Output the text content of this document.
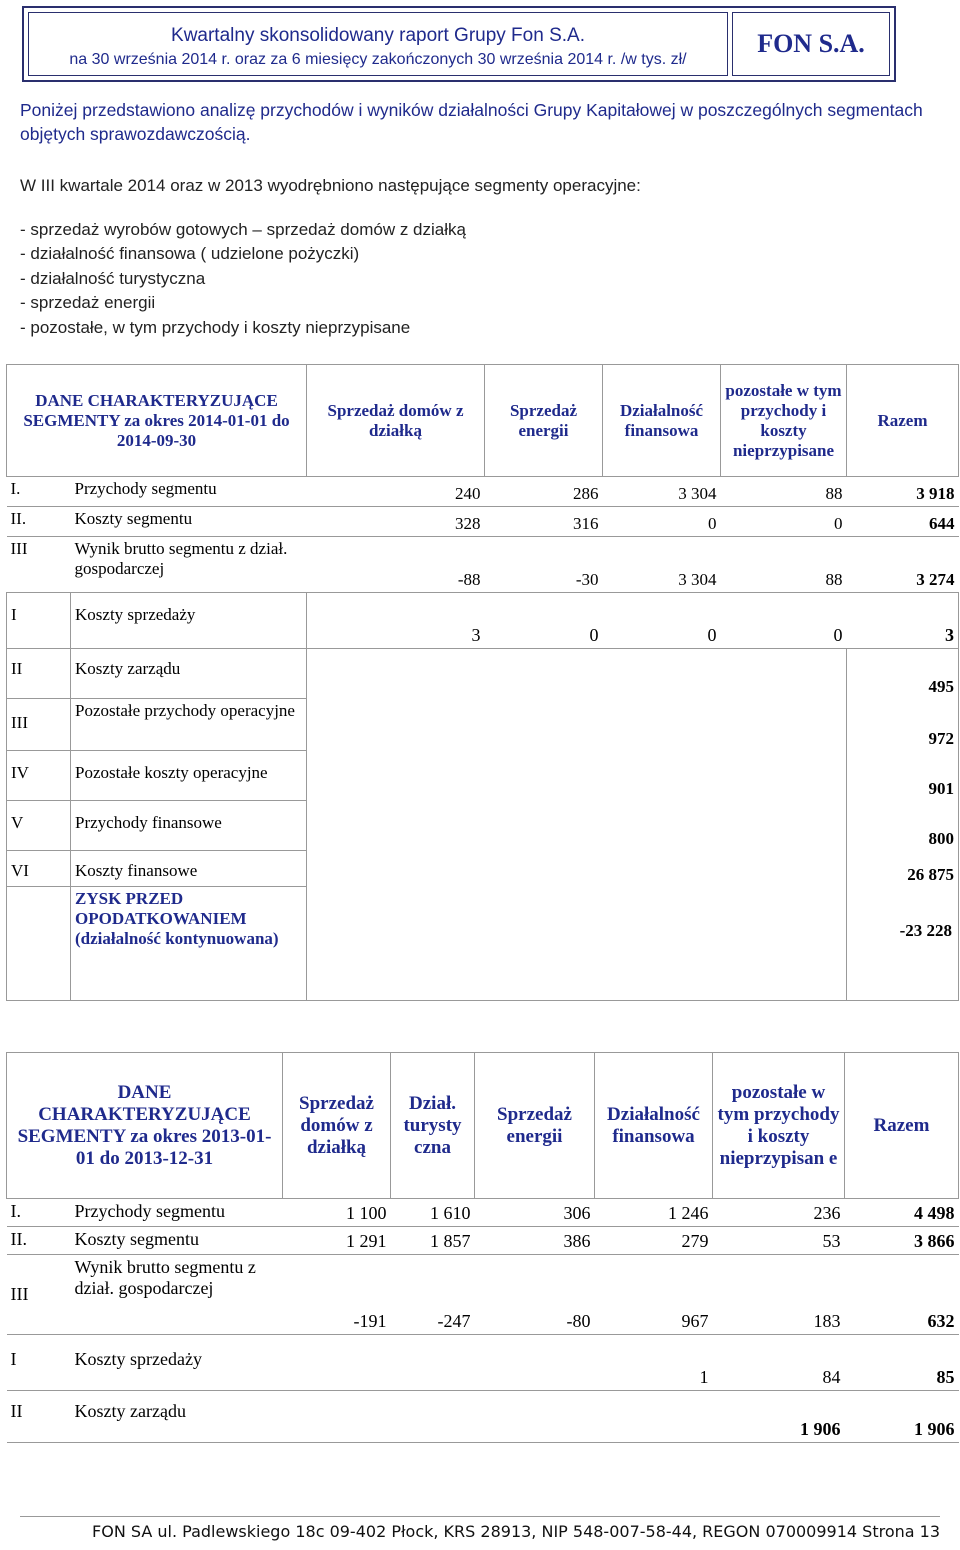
Kwartalny skonsolidowany raport Grupy Fon S.A.
na 30 września 2014 r. oraz za 6 miesięcy zakończonych 30 września 2014 r. /w tys. zł/
FON S.A.
Poniżej przedstawiono analizę przychodów i wyników działalności Grupy Kapitałowej w poszczególnych segmentach objętych sprawozdawczością.
W III kwartale 2014 oraz w 2013 wyodrębniono następujące segmenty operacyjne:
- sprzedaż wyrobów gotowych – sprzedaż domów z działką
- działalność finansowa ( udzielone pożyczki)
- działalność turystyczna
- sprzedaż energii
- pozostałe, w tym przychody i koszty nieprzypisane
DANE CHARAKTERYZUJĄCE SEGMENTY za okres 2014-01-01 do 2014-09-30		Sprzedaż domów z działką	Sprzedaż energii	Działalność finansowa	pozostałe w tym przychody i koszty nieprzypisane	Razem
I.	Przychody segmentu	240	286	3 304	88	3 918
II.	Koszty segmentu	328	316	0	0	644
III	Wynik brutto segmentu z dział. gospodarczej	-88	-30	3 304	88	3 274
I	Koszty sprzedaży	3	0	0	0	3
II	Koszty zarządu					495
III	Pozostałe przychody operacyjne					972
IV	Pozostałe koszty operacyjne					901
V	Przychody finansowe					800
VI	Koszty finansowe					26 875
	ZYSK PRZED OPODATKOWANIEM (działalność kontynuowana)					-23 228
DANE CHARAKTERYZUJĄCE SEGMENTY za okres 2013-01-01 do 2013-12-31		Sprzedaż domów z działką	Dział. turysty czna	Sprzedaż energii	Działalność finansowa	pozostałe w tym przychody i koszty nieprzypisan e	Razem
I.	Przychody segmentu	1 100	1 610	306	1 246	236	4 498
II.	Koszty segmentu	1 291	1 857	386	279	53	3 866
III	Wynik brutto segmentu z dział. gospodarczej	-191	-247	-80	967	183	632
I	Koszty sprzedaży				1	84	85
II	Koszty zarządu					1 906	1 906
FON SA ul. Padlewskiego 18c 09-402 Płock, KRS 28913, NIP 548-007-58-44, REGON 070009914 Strona 13
